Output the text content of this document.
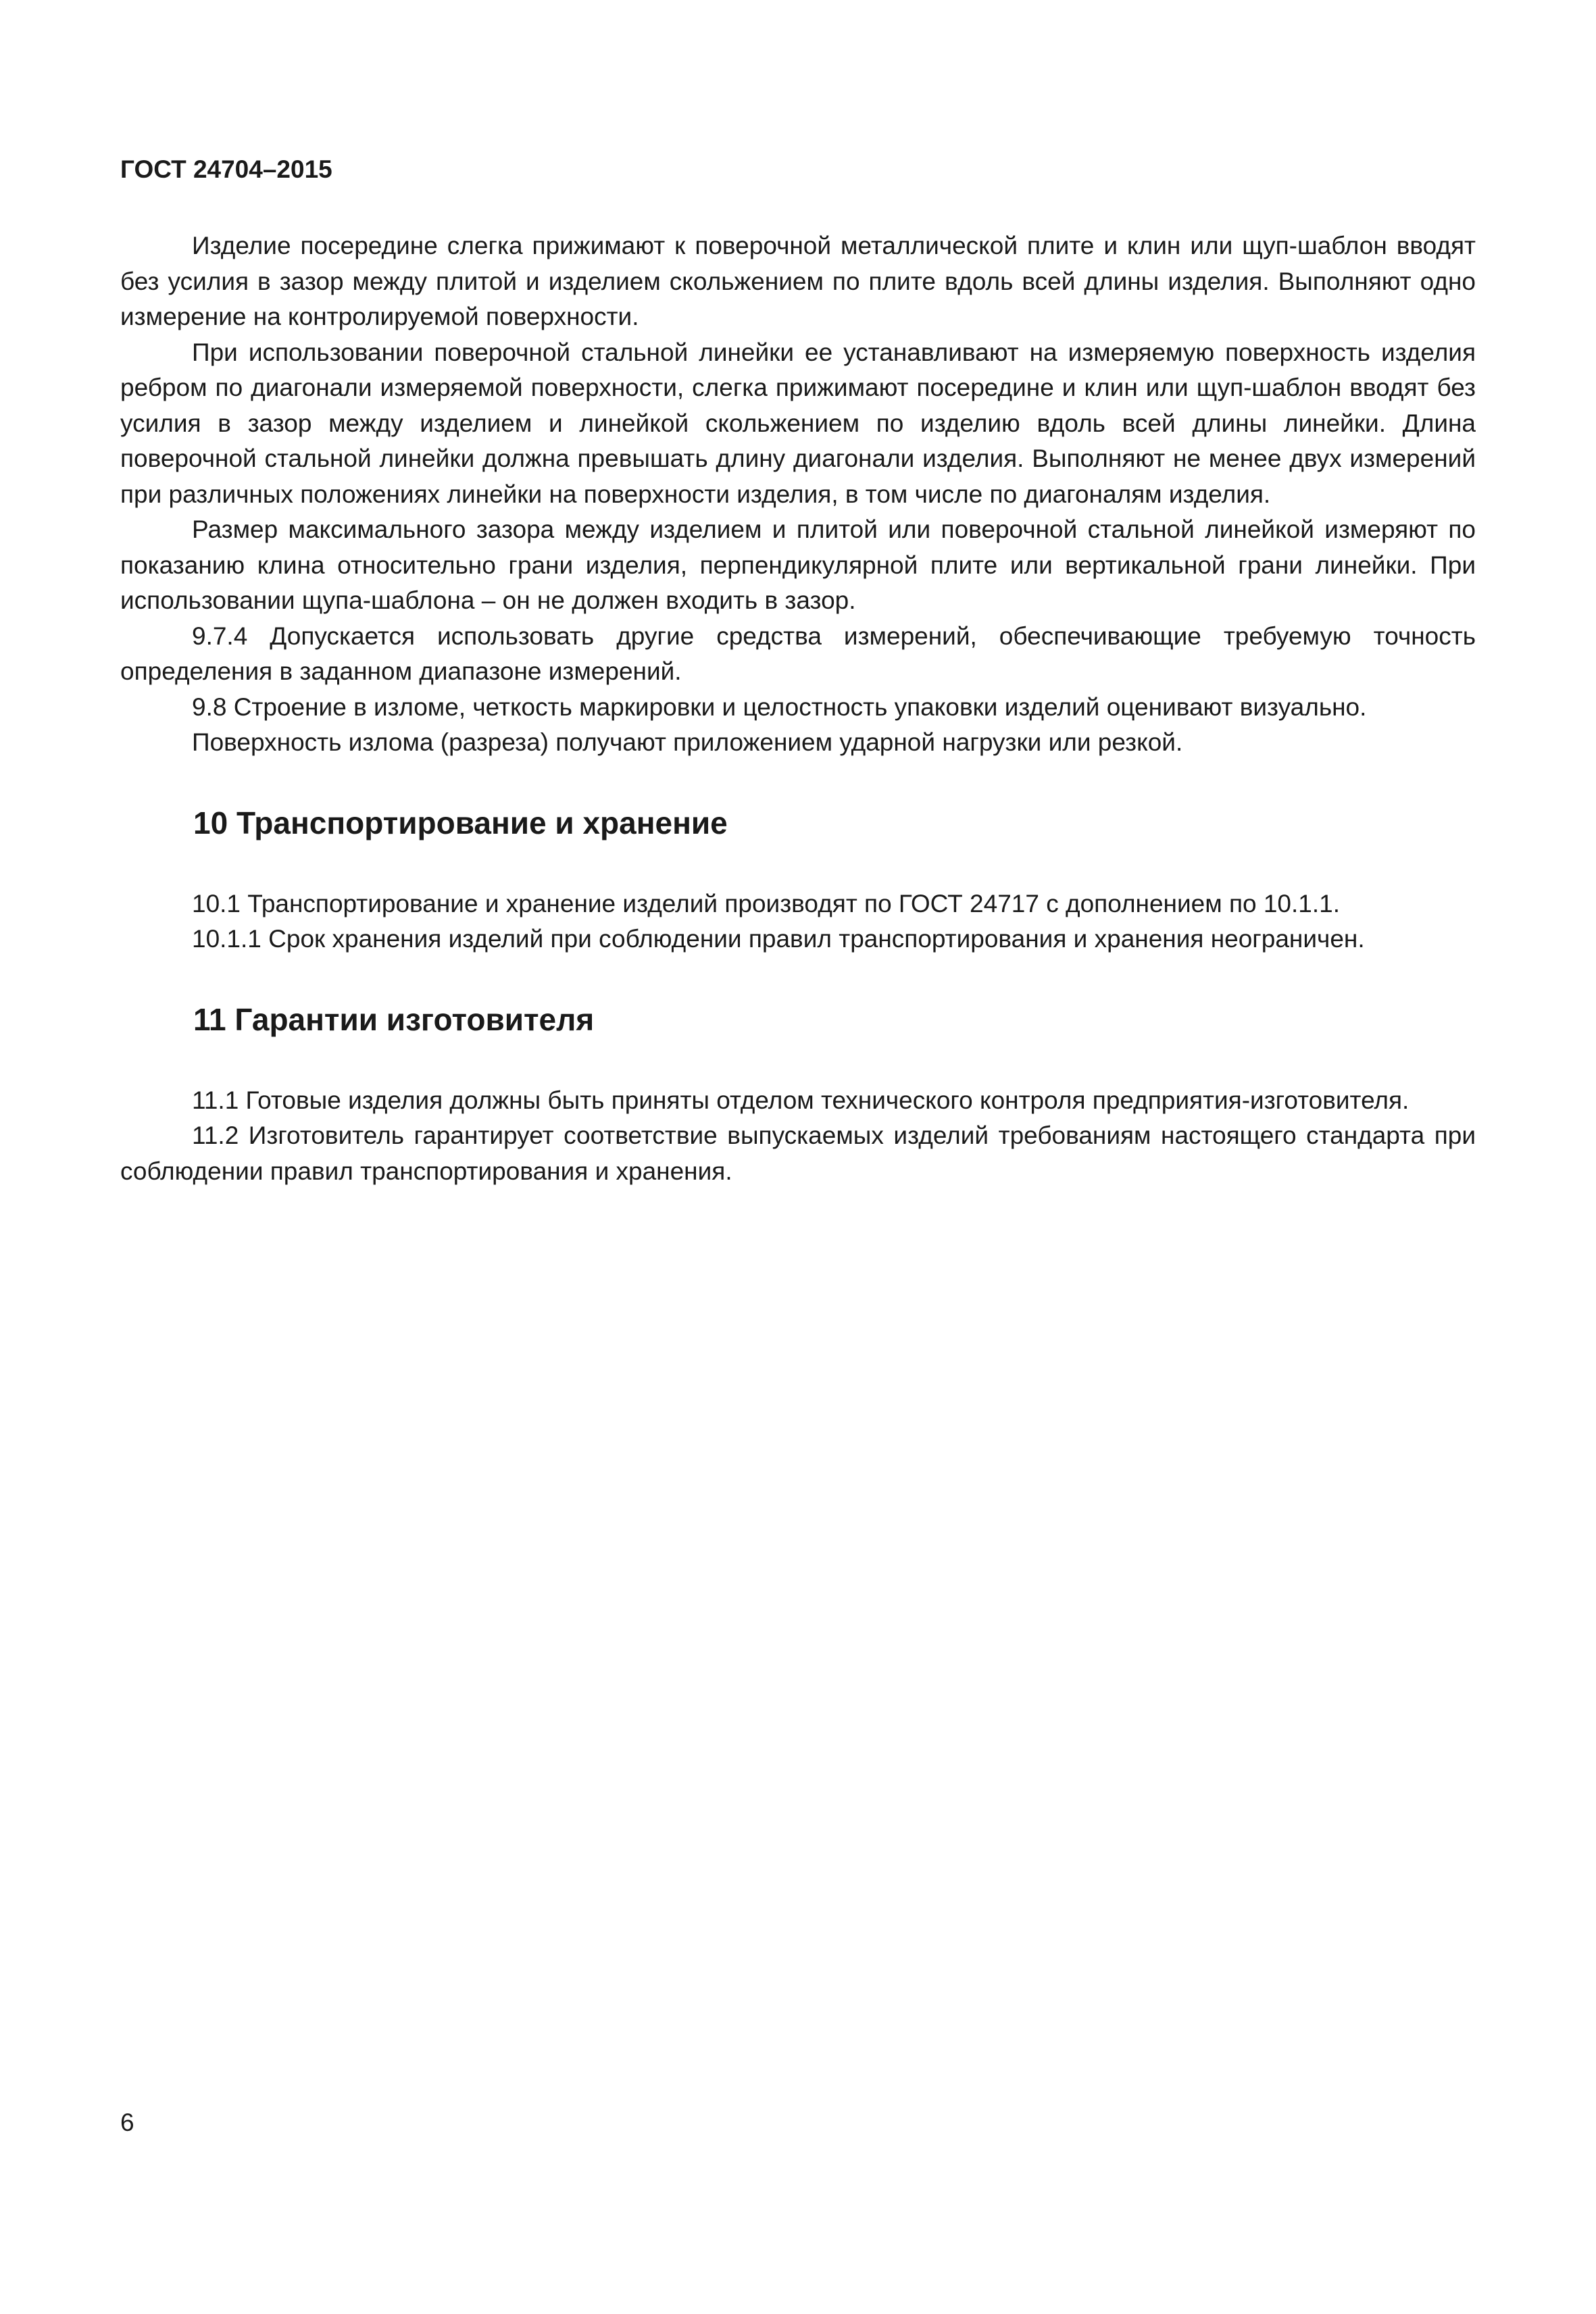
ГОСТ 24704–2015

Изделие посередине слегка прижимают к поверочной металлической плите и клин или щуп-шаблон вводят без усилия в зазор между плитой и изделием скольжением по плите вдоль всей длины изделия. Выполняют одно измерение на контролируемой поверхности.

При использовании поверочной стальной линейки ее устанавливают на измеряемую поверхность изделия ребром по диагонали измеряемой поверхности, слегка прижимают посередине и клин или щуп-шаблон вводят без усилия в зазор между изделием и линейкой скольжением по изделию вдоль всей длины линейки. Длина поверочной стальной линейки должна превышать длину диагонали изделия. Выполняют не менее двух измерений при различных положениях линейки на поверхности изделия, в том числе по диагоналям изделия.

Размер максимального зазора между изделием и плитой или поверочной стальной линейкой измеряют по показанию клина относительно грани изделия, перпендикулярной плите или вертикальной грани линейки. При использовании щупа-шаблона – он не должен входить в зазор.

9.7.4 Допускается использовать другие средства измерений, обеспечивающие требуемую точность определения в заданном диапазоне измерений.

9.8 Строение в изломе, четкость маркировки и целостность упаковки изделий оценивают визуально.

Поверхность излома (разреза) получают приложением ударной нагрузки или резкой.

10 Транспортирование и хранение

10.1 Транспортирование и хранение изделий производят по ГОСТ 24717 с дополнением по 10.1.1.

10.1.1 Срок хранения изделий при соблюдении правил транспортирования и хранения неограничен.

11 Гарантии изготовителя

11.1 Готовые изделия должны быть приняты отделом технического контроля предприятия-изготовителя.

11.2 Изготовитель гарантирует соответствие выпускаемых изделий требованиям настоящего стандарта при соблюдении правил транспортирования и хранения.

6
